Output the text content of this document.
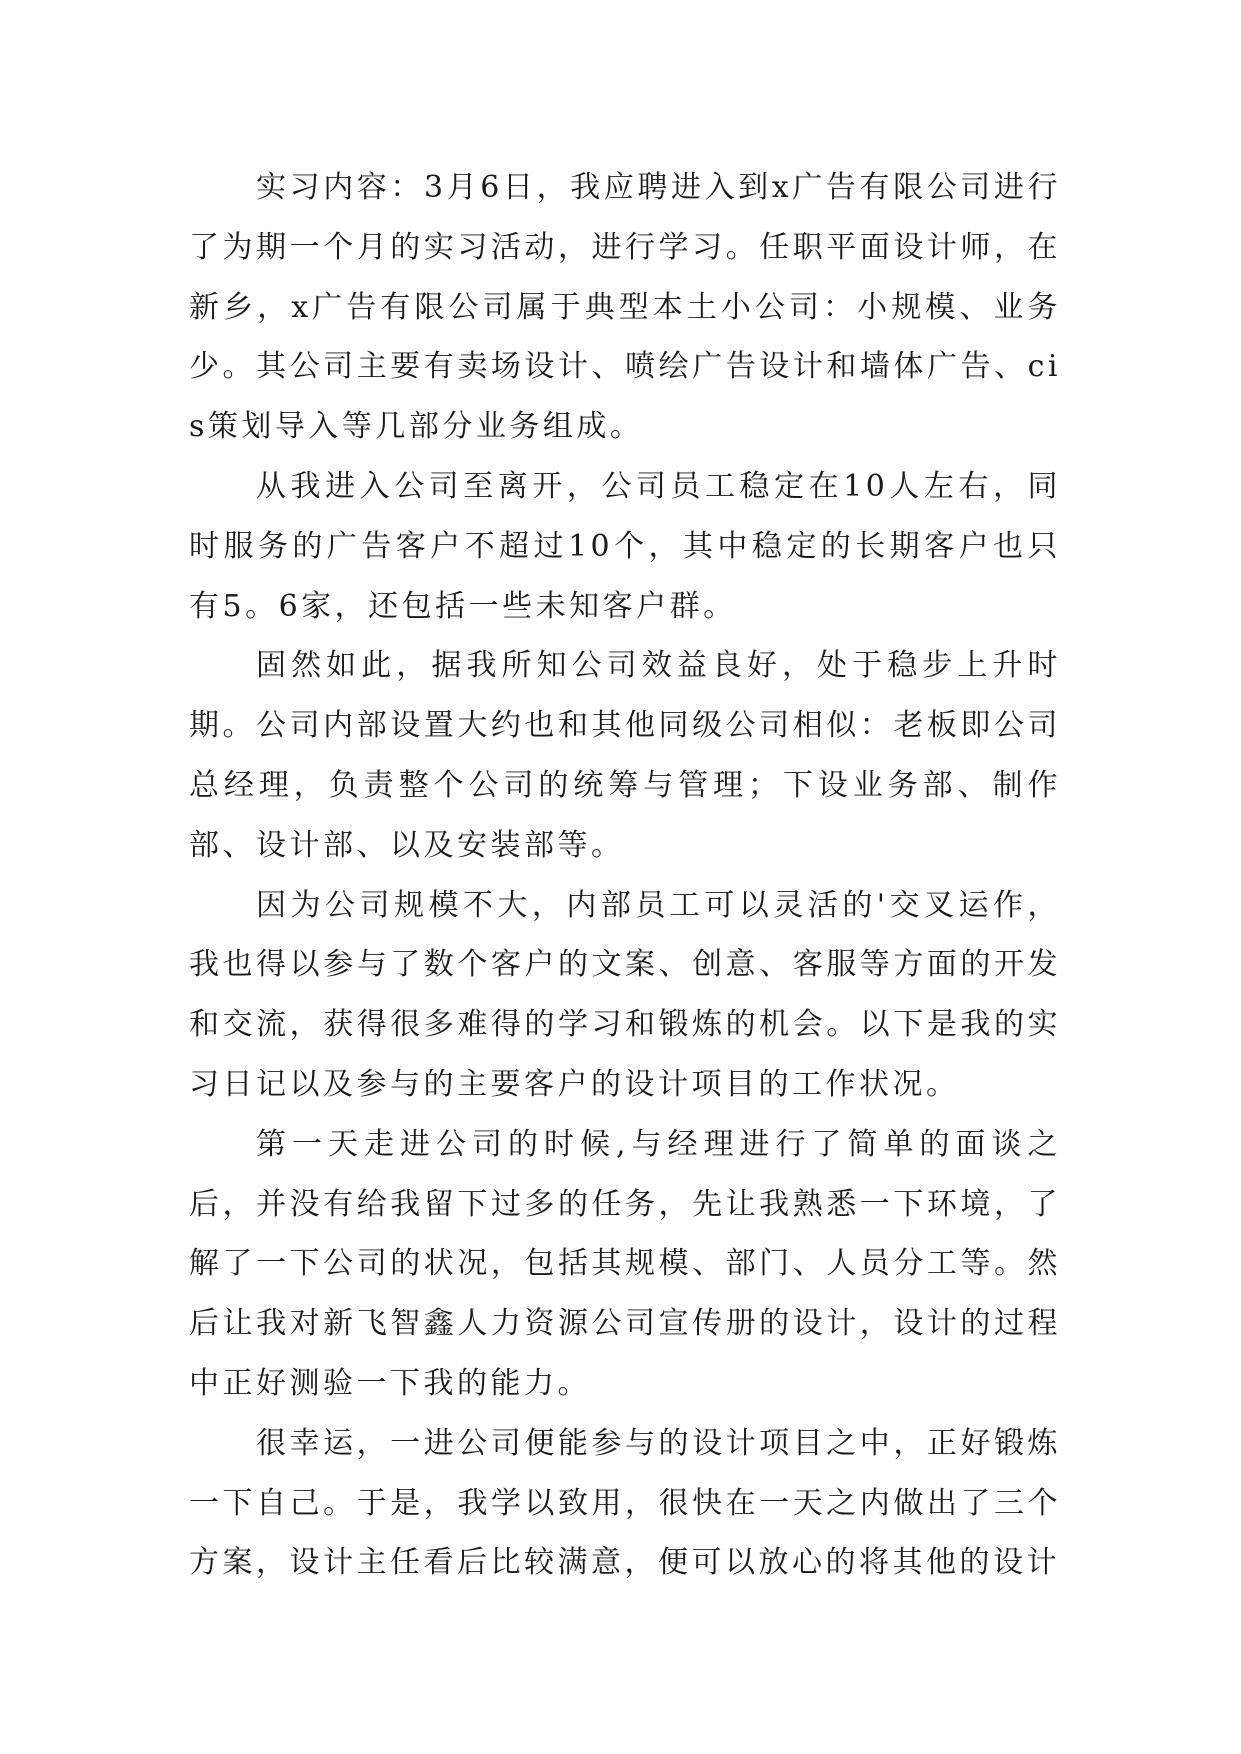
实习内容：3月6日，我应聘进入到x广告有限公司进行了为期一个月的实习活动，进行学习。任职平面设计师，在新乡，x广告有限公司属于典型本土小公司：小规模、业务少。其公司主要有卖场设计、喷绘广告设计和墙体广告、cis策划导入等几部分业务组成。

从我进入公司至离开，公司员工稳定在10人左右，同时服务的广告客户不超过10个，其中稳定的长期客户也只有5。6家，还包括一些未知客户群。

固然如此，据我所知公司效益良好，处于稳步上升时期。公司内部设置大约也和其他同级公司相似：老板即公司总经理，负责整个公司的统筹与管理；下设业务部、制作部、设计部、以及安装部等。

因为公司规模不大，内部员工可以灵活的'交叉运作，我也得以参与了数个客户的文案、创意、客服等方面的开发和交流，获得很多难得的学习和锻炼的机会。以下是我的实习日记以及参与的主要客户的设计项目的工作状况。

第一天走进公司的时候,与经理进行了简单的面谈之后，并没有给我留下过多的任务，先让我熟悉一下环境，了解了一下公司的状况，包括其规模、部门、人员分工等。然后让我对新飞智鑫人力资源公司宣传册的设计，设计的过程中正好测验一下我的能力。

很幸运，一进公司便能参与的设计项目之中，正好锻炼一下自己。于是，我学以致用，很快在一天之内做出了三个方案，设计主任看后比较满意，便可以放心的将其他的设计
